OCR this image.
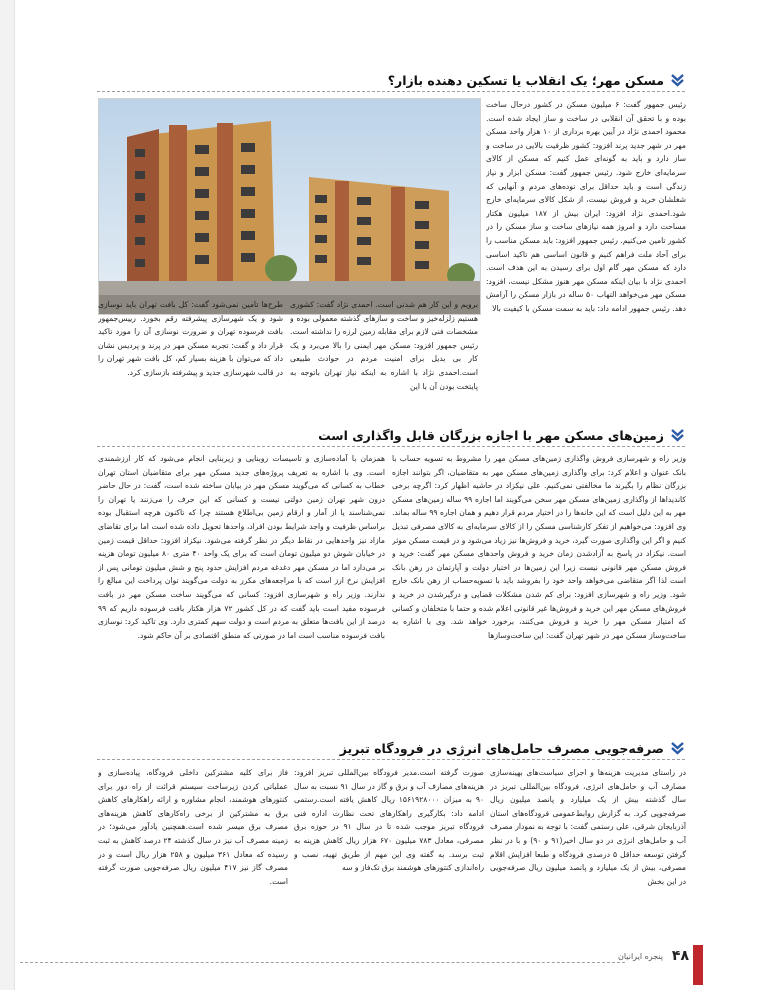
مسکن مهر؛ یک انقلاب یا تسکین دهنده بازار؟

رئیس جمهور گفت: ۶ میلیون مسکن در کشور درحال ساخت بوده و با تحقق آن انقلابی در ساخت و ساز ایجاد شده است. محمود احمدی نژاد در آیین بهره برداری از ۱۰ هزار واحد مسکن مهر در شهر جدید پرند افزود: کشور ظرفیت بالایی در ساخت و ساز دارد و باید به گونه‌ای عمل کنیم که مسکن از کالای سرمایه‌ای خارج شود. رئیس جمهور گفت: مسکن ابزار و نیاز زندگی است و باید حداقل برای توده‌های مردم و آنهایی که شغلشان خرید و فروش نیست، از شکل کالای سرمایه‌ای خارج شود.احمدی نژاد افزود: ایران بیش از ۱۸۷ میلیون هکتار مساحت دارد و امروز همه نیازهای ساخت و ساز مسکن را در کشور تامین می‌کنیم. رئیس جمهور افزود: باید مسکن مناسب را برای آحاد ملت فراهم کنیم و قانون اساسی هم تاکید اساسی دارد که مسکن مهر گام اول برای رسیدن به این هدف است. احمدی نژاد با بیان اینکه مسکن مهر هنوز مشکل نیست، افزود: مسکن مهر می‌خواهد التهاب ۵۰ ساله در بازار مسکن را آرامش دهد. رئیس جمهور ادامه داد: باید به سمت مسکن با کیفیت بالا

برویم و این کار هم شدنی است. احمدی نژاد گفت: کشوری هستیم زلزله‌خیز و ساخت و سازهای گذشته معمولی بوده و مشخصات فنی لازم برای مقابله زمین لرزه را نداشته است. رئیس جمهور افزود: مسکن مهر ایمنی را بالا می‌برد و یک کار بی بدیل برای امنیت مردم در حوادث طبیعی است.احمدی نژاد با اشاره به اینکه نیاز تهران باتوجه به پایتخت بودن آن با این

طرح‌ها تامین نمی‌شود گفت: کل بافت تهران باید نوسازی شود و یک شهرسازی پیشرفته رقم بخورد. رییس‌جمهور بافت فرسوده تهران و ضرورت نوسازی آن را مورد تاکید قرار داد و گفت: تجربه مسکن مهر در پرند و پردیس نشان داد که می‌توان با هزینه بسیار کم، کل بافت شهر تهران را در قالب شهرسازی جدید و پیشرفته بازسازی کرد.

زمین‌های مسکن مهر با اجازه بزرگان قابل واگذاری است

وزیر راه و شهرسازی فروش واگذاری زمین‌های مسکن مهر را مشروط به تسویه حساب با بانک عنوان و اعلام کرد: برای واگذاری زمین‌های مسکن مهر به متقاضیان، اگر بتوانند اجازه بزرگان نظام را بگیرند ما مخالفتی نمی‌کنیم. علی نیکزاد در حاشیه اظهار کرد: اگرچه برخی کاندیداها از واگذاری زمین‌های مسکن مهر سخن می‌گویند اما اجاره ۹۹ ساله زمین‌های مسکن مهر به این دلیل است که این خانه‌ها را در اختیار مردم قرار دهیم و همان اجاره ۹۹ ساله بماند. وی افزود: می‌خواهیم از تفکر کارشناسی مسکن را از کالای سرمایه‌ای به کالای مصرفی تبدیل کنیم و اگر این واگذاری صورت گیرد، خرید و فروش‌ها نیز زیاد می‌شود و در قیمت مسکن موثر است. نیکزاد در پاسخ به آزادشدن زمان خرید و فروش واحدهای مسکن مهر گفت: خرید و فروش مسکن مهر قانونی نیست زیرا این زمین‌ها در اختیار دولت و آپارتمان در رهن بانک است لذا اگر متقاضی می‌خواهد واحد خود را بفروشد باید با تسویه‌حساب از رهن بانک خارج شود. وزیر راه و شهرسازی افزود: برای کم شدن مشکلات قضایی و درگیرشدن در خرید و فروش‌های مسکن مهر این خرید و فروش‌ها غیر قانونی اعلام شده و حتما با متخلفان و کسانی که امتیاز مسکن مهر را خرید و فروش می‌کنند، برخورد خواهد شد. وی با اشاره به ساخت‌وساز مسکن مهر در شهر تهران گفت: این ساخت‌وسازها

همزمان با آماده‌سازی و تاسیسات روبنایی و زیربنایی انجام می‌شود که کار ارزشمندی است. وی با اشاره به تعریف پروژه‌های جدید مسکن مهر برای متقاضیان استان تهران خطاب به کسانی که می‌گویند مسکن مهر در بیابان ساخته شده است، گفت: در حال حاضر درون شهر تهران زمین دولتی نیست و کسانی که این حرف را می‌زنند یا تهران را نمی‌شناسند یا از آمار و ارقام زمین بی‌اطلاع هستند چرا که تاکنون هرچه استقبال بوده براساس ظرفیت و واجد شرایط بودن افراد، واحدها تحویل داده شده است اما برای تقاضای مازاد نیز واحدهایی در نقاط دیگر در نظر گرفته می‌شود. نیکزاد افزود: حداقل قیمت زمین در خیابان شوش دو میلیون تومان است که برای یک واحد ۴۰ متری ۸۰ میلیون تومان هزینه بر می‌دارد اما در مسکن مهر دغدغه مردم افزایش حدود پنج و شش میلیون تومانی پس از افزایش نرخ ارز است که با مراجعه‌های مکرر به دولت می‌گویند توان پرداخت این مبالغ را ندارند. وزیر راه و شهرسازی افزود: کسانی که می‌گویند ساخت مسکن مهر در بافت فرسوده مفید است باید گفت که در کل کشور ۷۲ هزار هکتار بافت فرسوده داریم که ۹۹ درصد از این بافت‌ها متعلق به مردم است و دولت سهم کمتری دارد. وی تاکید کرد: نوسازی بافت فرسوده مناسب است اما در صورتی که منطق اقتصادی بر آن حاکم شود.

صرفه‌جویی مصرف حامل‌های انرژی در فرودگاه تبریز

در راستای مدیریت هزینه‌ها و اجرای سیاست‌های بهینه‌سازی مصارف آب و حامل‌های انرژی، فرودگاه بین‌المللی تبریز در سال گذشته بیش از یک میلیارد و پانصد میلیون ریال صرفه‌جویی کرد. به گزارش روابط‌عمومی فرودگاه‌های استان آذربایجان شرقی، علی رستمی گفت: با توجه به نمودار مصرف آب و حامل‌های انرژی در دو سال اخیر(۹۱ و ۹۰) و با در نظر گرفتن توسعه حداقل ۵ درصدی فرودگاه و طبعا افزایش اقلام مصرفی، بیش از یک میلیارد و پانصد میلیون ریال صرفه‌جویی در این بخش

صورت گرفته است.مدیر فرودگاه بین‌المللی تبریز افزود: هزینه‌های مصارف آب و برق و گاز در سال ۹۱ نسبت به سال ۹۰ به میزان ۱۵۶۱۹۲۸۰۰۰ ریال کاهش یافته است.رستمی ادامه داد: بکارگیری راهکارهای تحت نظارت اداره فنی فرودگاه تبریز موجب شده تا در سال ۹۱ در حوزه برق مصرفی، معادل ۷۸۳ میلیون ۶۷۰ هزار ریال کاهش هزینه به ثبت برسد. به گفته وی این مهم از طریق تهیه، نصب و راه‌اندازی کنتورهای هوشمند برق تک‌فاز و سه

فاز برای کلیه مشترکین داخلی فرودگاه، پیاده‌سازی و عملیاتی کردن زیرساخت سیستم قرائت از راه دور برای کنتورهای هوشمند، انجام مشاوره و ارائه راهکارهای کاهش برق به مشترکین از برخی راه‌کارهای کاهش هزینه‌های مصرف برق میسر شده است.همچنین یادآور می‌شود؛ در زمینه مصرف آب نیز در سال گذشته ۲۴ درصد کاهش به ثبت رسیده که معادل ۳۶۱ میلیون و ۲۵۸ هزار ریال است و در مصرف گاز نیز ۴۱۷ میلیون ریال صرفه‌جویی صورت گرفته است.

پنجره ایرانیان ۴۸
